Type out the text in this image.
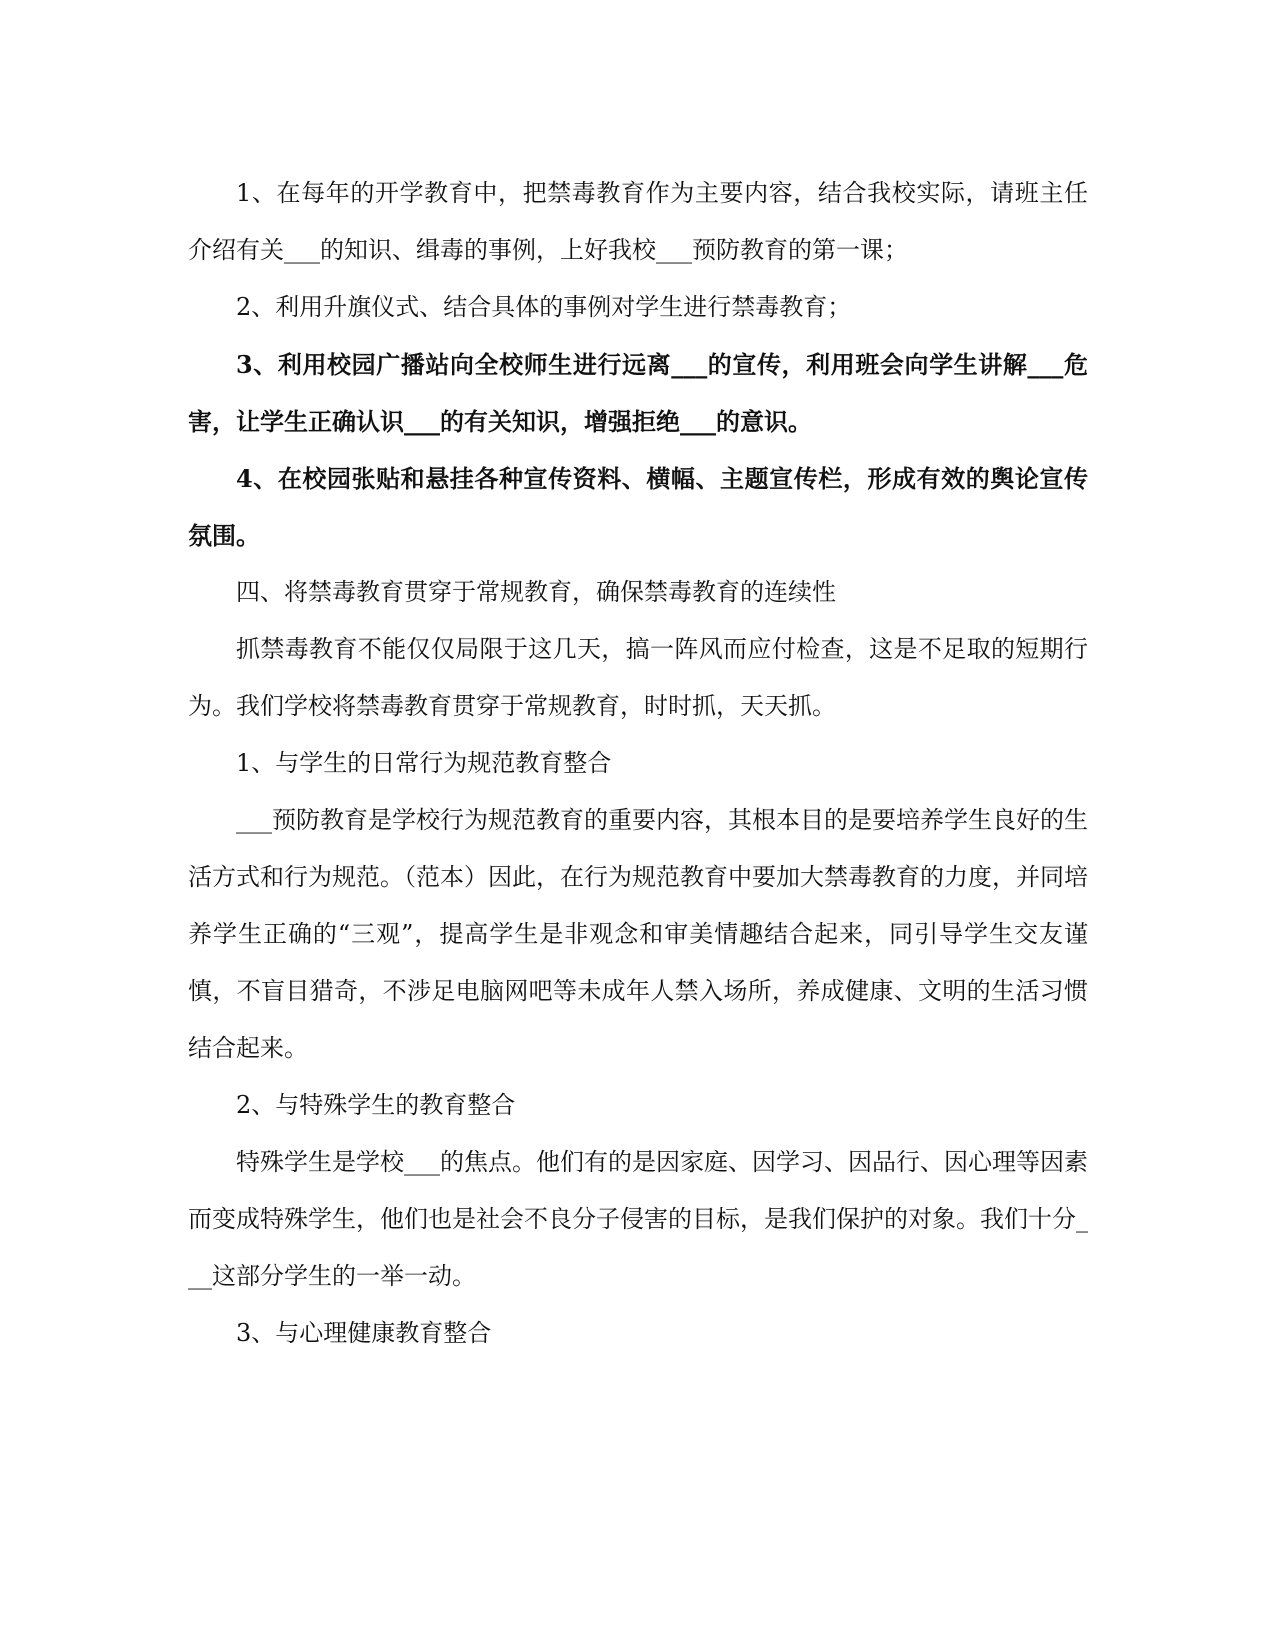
1、在每年的开学教育中，把禁毒教育作为主要内容，结合我校实际，请班主任介绍有关___的知识、缉毒的事例，上好我校___预防教育的第一课；

2、利用升旗仪式、结合具体的事例对学生进行禁毒教育；

3、利用校园广播站向全校师生进行远离___的宣传，利用班会向学生讲解___危害，让学生正确认识___的有关知识，增强拒绝___的意识。

4、在校园张贴和悬挂各种宣传资料、横幅、主题宣传栏，形成有效的舆论宣传氛围。

四、将禁毒教育贯穿于常规教育，确保禁毒教育的连续性

抓禁毒教育不能仅仅局限于这几天，搞一阵风而应付检查，这是不足取的短期行为。我们学校将禁毒教育贯穿于常规教育，时时抓，天天抓。

1、与学生的日常行为规范教育整合

___预防教育是学校行为规范教育的重要内容，其根本目的是要培养学生良好的生活方式和行为规范。（范本）因此，在行为规范教育中要加大禁毒教育的力度，并同培养学生正确的“三观”，提高学生是非观念和审美情趣结合起来，同引导学生交友谨慎，不盲目猎奇，不涉足电脑网吧等未成年人禁入场所，养成健康、文明的生活习惯结合起来。

2、与特殊学生的教育整合

特殊学生是学校___的焦点。他们有的是因家庭、因学习、因品行、因心理等因素而变成特殊学生，他们也是社会不良分子侵害的目标，是我们保护的对象。我们十分___这部分学生的一举一动。

3、与心理健康教育整合
